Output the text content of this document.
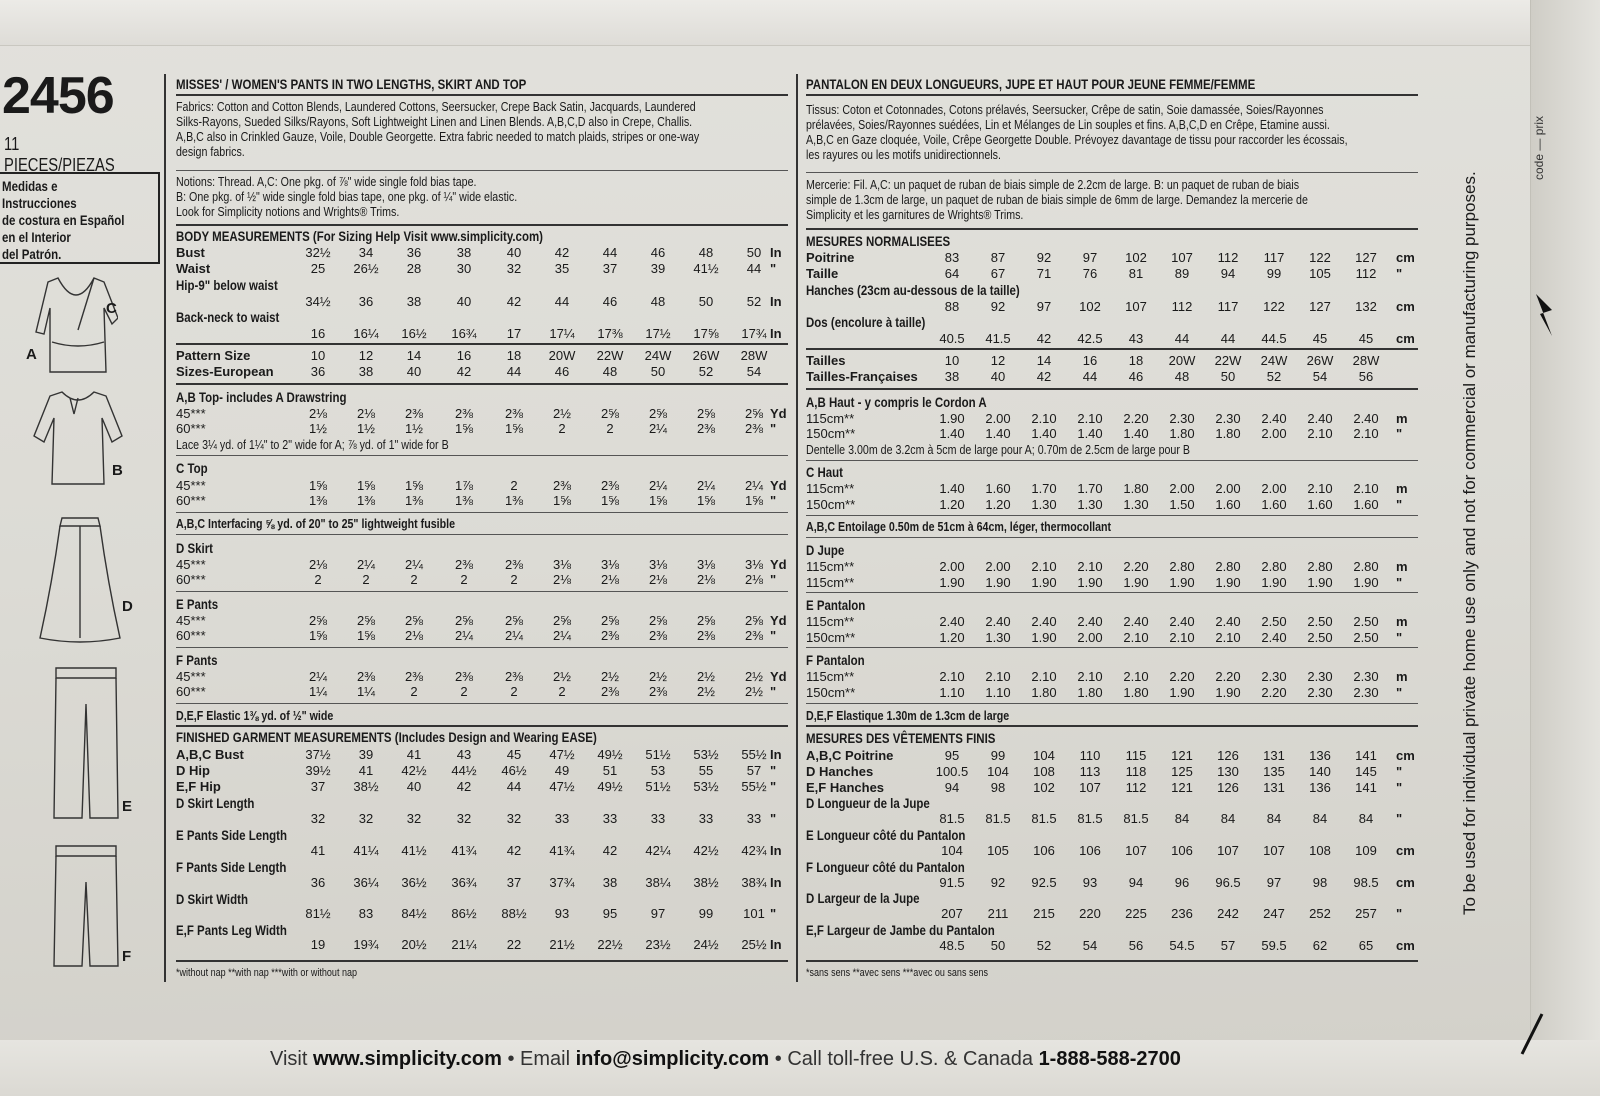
2456
11 PIECES/PIEZAS
Medidas e Instrucciones
de costura en Español
en el Interior
del Patrón.
C
A
B
D
E
F
To be used for individual private home use only and not for commercial or manufacturing purposes.
code — prix
Visit www.simplicity.com • Email info@simplicity.com • Call toll-free U.S. & Canada 1-888-588-2700
MISSES' / WOMEN'S PANTS IN TWO LENGTHS, SKIRT AND TOP
Fabrics: Cotton and Cotton Blends, Laundered Cottons, Seersucker, Crepe Back Satin, Jacquards, Laundered
Silks-Rayons, Sueded Silks/Rayons, Soft Lightweight Linen and Linen Blends. A,B,C,D also in Crepe, Challis.
A,B,C also in Crinkled Gauze, Voile, Double Georgette. Extra fabric needed to match plaids, stripes or one-way
design fabrics.
Notions: Thread. A,C: One pkg. of ⅞" wide single fold bias tape.
B: One pkg. of ½" wide single fold bias tape, one pkg. of ¼" wide elastic.
Look for Simplicity notions and Wrights® Trims.
BODY MEASUREMENTS (For Sizing Help Visit www.simplicity.com)
Bust	32½	34	36	38	40	42	44	46	48	50 In
Waist	25	26½	28	30	32	35	37	39	41½	44 "
Hip-9" below waist
34½	36	38	40	42	44	46	48	50	52 In
Back-neck to waist
16	16¼	16½	16¾	17	17¼	17⅜	17½	17⅝	17¾ In
Pattern Size	10	12	14	16	18	20W	22W	24W	26W	28W
Sizes-European	36	38	40	42	44	46	48	50	52	54
A,B Top- includes A Drawstring
45***	2⅛	2⅛	2⅜	2⅜	2⅜	2½	2⅝	2⅝	2⅝	2⅝ Yd
60***	1½	1½	1½	1⅝	1⅝	2	2	2¼	2⅜	2⅜ "
Lace 3¼ yd. of 1¼" to 2" wide for A; ⅞ yd. of 1" wide for B
C Top
45***	1⅝	1⅝	1⅝	1⅞	2	2⅜	2⅜	2¼	2¼	2¼ Yd
60***	1⅜	1⅜	1⅜	1⅜	1⅜	1⅝	1⅝	1⅝	1⅝	1⅝ "
A,B,C Interfacing ⅝ yd. of 20" to 25" lightweight fusible
D Skirt
45***	2⅛	2¼	2¼	2⅜	2⅜	3⅛	3⅛	3⅛	3⅛	3⅛ Yd
60***	2	2	2	2	2	2⅛	2⅛	2⅛	2⅛	2⅛ "
E Pants
45***	2⅝	2⅝	2⅝	2⅝	2⅝	2⅝	2⅝	2⅝	2⅝	2⅝ Yd
60***	1⅝	1⅝	2⅛	2¼	2¼	2¼	2⅜	2⅜	2⅜	2⅜ "
F Pants
45***	2¼	2⅜	2⅜	2⅜	2⅜	2½	2½	2½	2½	2½ Yd
60***	1¼	1¼	2	2	2	2	2⅜	2⅜	2½	2½ "
D,E,F Elastic 1⅜ yd. of ½" wide
FINISHED GARMENT MEASUREMENTS (Includes Design and Wearing EASE)
A,B,C Bust	37½	39	41	43	45	47½	49½	51½	53½	55½ In
D Hip	39½	41	42½	44½	46½	49	51	53	55	57 "
E,F Hip	37	38½	40	42	44	47½	49½	51½	53½	55½ "
D Skirt Length
32	32	32	32	32	33	33	33	33	33 "
E Pants Side Length
41	41¼	41½	41¾	42	41¾	42	42¼	42½	42¾ In
F Pants Side Length
36	36¼	36½	36¾	37	37¾	38	38¼	38½	38¾ In
D Skirt Width
81½	83	84½	86½	88½	93	95	97	99	101 "
E,F Pants Leg Width
19	19¾	20½	21¼	22	21½	22½	23½	24½	25½ In
*without nap **with nap ***with or without nap
PANTALON EN DEUX LONGUEURS, JUPE ET HAUT POUR JEUNE FEMME/FEMME
Tissus: Coton et Cotonnades, Cotons prélavés, Seersucker, Crêpe de satin, Soie damassée, Soies/Rayonnes
prélavées, Soies/Rayonnes suédées, Lin et Mélanges de Lin souples et fins. A,B,C,D en Crêpe, Etamine aussi.
A,B,C en Gaze cloquée, Voile, Crêpe Georgette Double. Prévoyez davantage de tissu pour raccorder les écossais,
les rayures ou les motifs unidirectionnels.
Mercerie: Fil. A,C: un paquet de ruban de biais simple de 2.2cm de large. B: un paquet de ruban de biais
simple de 1.3cm de large, un paquet de ruban de biais simple de 6mm de large. Demandez la mercerie de
Simplicity et les garnitures de Wrights® Trims.
MESURES NORMALISEES
Poitrine	83	87	92	97	102	107	112	117	122	127	cm
Taille	64	67	71	76	81	89	94	99	105	112	"
Hanches (23cm au-dessous de la taille)
88	92	97	102	107	112	117	122	127	132	cm
Dos (encolure à taille)
40.5	41.5	42	42.5	43	44	44	44.5	45	45	cm
Tailles	10	12	14	16	18	20W	22W	24W	26W	28W
Tailles-Françaises	38	40	42	44	46	48	50	52	54	56
A,B Haut - y compris le Cordon A
115cm**	1.90	2.00	2.10	2.10	2.20	2.30	2.30	2.40	2.40	2.40	m
150cm**	1.40	1.40	1.40	1.40	1.40	1.80	1.80	2.00	2.10	2.10	"
Dentelle 3.00m de 3.2cm à 5cm de large pour A; 0.70m de 2.5cm de large pour B
C Haut
115cm**	1.40	1.60	1.70	1.70	1.80	2.00	2.00	2.00	2.10	2.10	m
150cm**	1.20	1.20	1.30	1.30	1.30	1.50	1.60	1.60	1.60	1.60	"
A,B,C Entoilage 0.50m de 51cm à 64cm, léger, thermocollant
D Jupe
115cm**	2.00	2.00	2.10	2.10	2.20	2.80	2.80	2.80	2.80	2.80	m
115cm**	1.90	1.90	1.90	1.90	1.90	1.90	1.90	1.90	1.90	1.90	"
E Pantalon
115cm**	2.40	2.40	2.40	2.40	2.40	2.40	2.40	2.50	2.50	2.50	m
150cm**	1.20	1.30	1.90	2.00	2.10	2.10	2.10	2.40	2.50	2.50	"
F Pantalon
115cm**	2.10	2.10	2.10	2.10	2.10	2.20	2.20	2.30	2.30	2.30	m
150cm**	1.10	1.10	1.80	1.80	1.80	1.90	1.90	2.20	2.30	2.30	"
D,E,F Elastique 1.30m de 1.3cm de large
MESURES DES VÊTEMENTS FINIS
A,B,C Poitrine	95	99	104	110	115	121	126	131	136	141	cm
D Hanches	100.5	104	108	113	118	125	130	135	140	145	"
E,F Hanches	94	98	102	107	112	121	126	131	136	141	"
D Longueur de la Jupe
81.5	81.5	81.5	81.5	81.5	84	84	84	84	84	"
E Longueur côté du Pantalon
104	105	106	106	107	106	107	107	108	109	cm
F Longueur côté du Pantalon
91.5	92	92.5	93	94	96	96.5	97	98	98.5	cm
D Largeur de la Jupe
207	211	215	220	225	236	242	247	252	257	"
E,F Largeur de Jambe du Pantalon
48.5	50	52	54	56	54.5	57	59.5	62	65	cm
*sans sens **avec sens ***avec ou sans sens
